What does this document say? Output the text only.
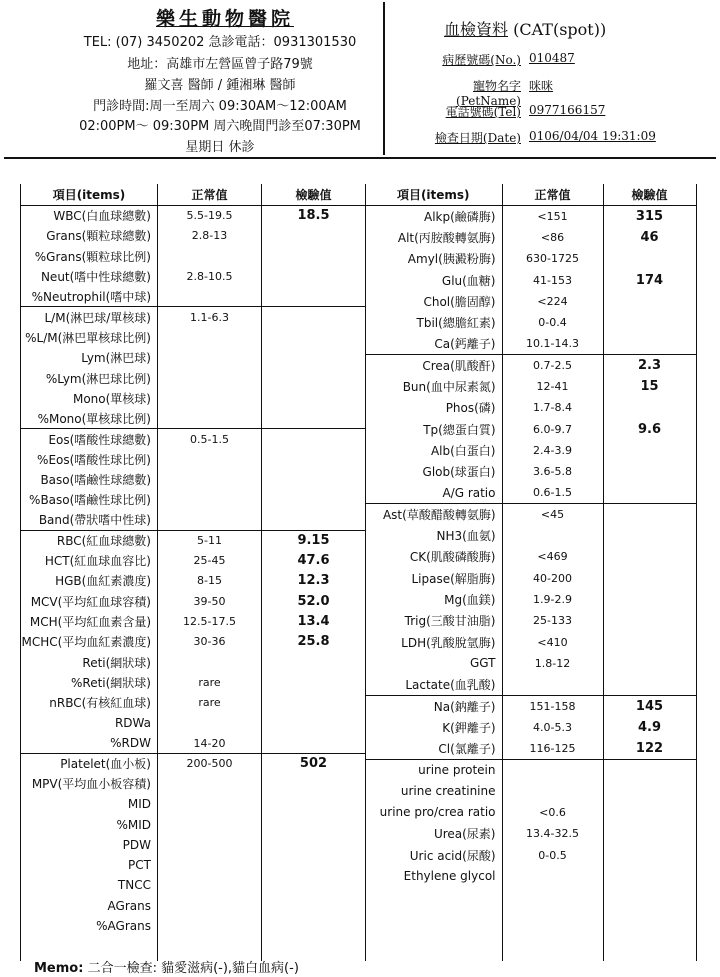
樂生動物醫院
TEL: (07) 3450202 急診電話：0931301530
地址：高雄市左營區曾子路79號
羅文喜 醫師 / 鍾湘琳 醫師
門診時間:周一至周六 09:30AM～12:00AM
02:00PM～ 09:30PM 周六晚間門診至07:30PM
星期日 休診
血檢資料 (CAT(spot))
病歷號碼(No.) 010487
寵物名字(PetName)
咪咪
電話號碼(Tel) 0977166157
檢查日期(Date) 0106/04/04 19:31:09
項目(items)	正常值	檢驗值
WBC(白血球總數)	5.5-19.5	18.5
Grans(顆粒球總數)	2.8-13	
%Grans(顆粒球比例)		
Neut(嗜中性球總數)	2.8-10.5	
%Neutrophil(嗜中球)		
L/M(淋巴球/單核球)	1.1-6.3	
%L/M(淋巴單核球比例)		
Lym(淋巴球)		
%Lym(淋巴球比例)		
Mono(單核球)		
%Mono(單核球比例)		
Eos(嗜酸性球總數)	0.5-1.5	
%Eos(嗜酸性球比例)		
Baso(嗜鹼性球總數)		
%Baso(嗜鹼性球比例)		
Band(帶狀嗜中性球)		
RBC(紅血球總數)	5-11	9.15
HCT(紅血球血容比)	25-45	47.6
HGB(血紅素濃度)	8-15	12.3
MCV(平均紅血球容積)	39-50	52.0
MCH(平均紅血素含量)	12.5-17.5	13.4
MCHC(平均血紅素濃度)	30-36	25.8
Reti(網狀球)		
%Reti(網狀球)	rare	
nRBC(有核紅血球)	rare	
RDWa		
%RDW	14-20	
Platelet(血小板)	200-500	502
MPV(平均血小板容積)		
MID		
%MID		
PDW		
PCT		
TNCC		
AGrans		
%AGrans		

項目(items)	正常值	檢驗值
Alkp(鹼磷脢)	<151	315
Alt(丙胺酸轉氨脢)	<86	46
Amyl(胰澱粉脢)	630-1725	
Glu(血糖)	41-153	174
Chol(膽固醇)	<224	
Tbil(總膽紅素)	0-0.4	
Ca(鈣離子)	10.1-14.3	
Crea(肌酸酐)	0.7-2.5	2.3
Bun(血中尿素氮)	12-41	15
Phos(磷)	1.7-8.4	
Tp(總蛋白質)	6.0-9.7	9.6
Alb(白蛋白)	2.4-3.9	
Glob(球蛋白)	3.6-5.8	
A/G ratio	0.6-1.5	
Ast(草酸醋酸轉氨脢)	<45	
NH3(血氨)		
CK(肌酸磷酸脢)	<469	
Lipase(解脂脢)	40-200	
Mg(血鎂)	1.9-2.9	
Trig(三酸甘油脂)	25-133	
LDH(乳酸脫氫脢)	<410	
GGT	1.8-12	
Lactate(血乳酸)		
Na(鈉離子)	151-158	145
K(鉀離子)	4.0-5.3	4.9
Cl(氯離子)	116-125	122
urine protein		
urine creatinine		
urine pro/crea ratio	<0.6	
Urea(尿素)	13.4-32.5	
Uric acid(尿酸)	0-0.5	
Ethylene glycol		

Memo: 二合一檢查: 貓愛滋病(-),貓白血病(-)
